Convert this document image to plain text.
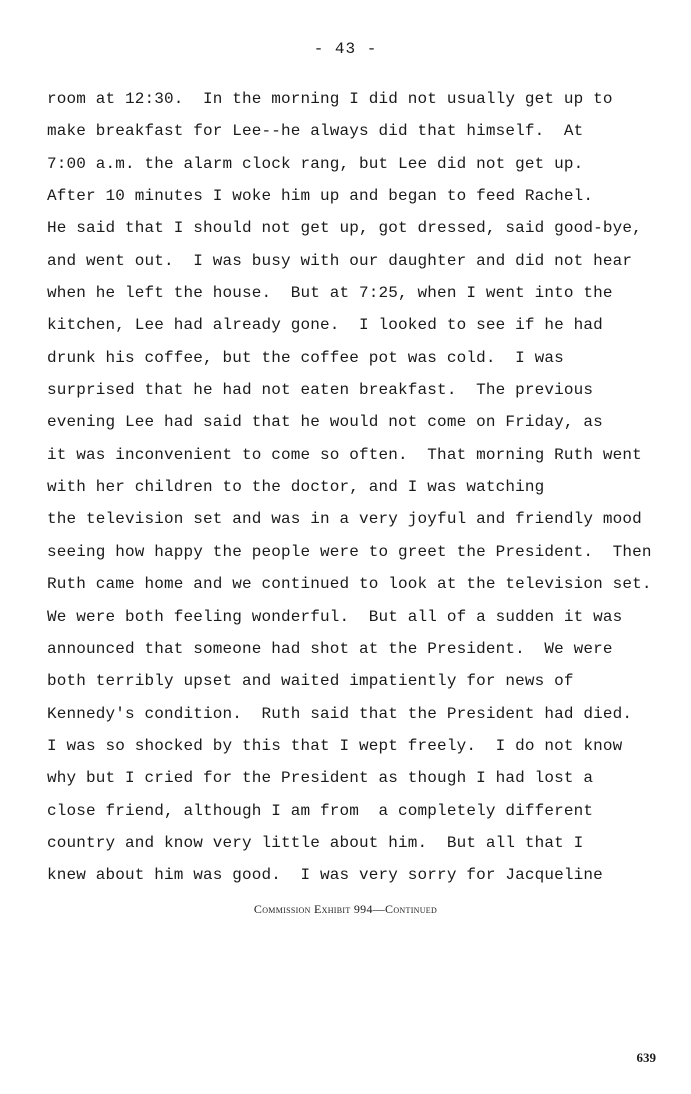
- 43 -
room at 12:30.  In the morning I did not usually get up to
make breakfast for Lee--he always did that himself.  At
7:00 a.m. the alarm clock rang, but Lee did not get up.
After 10 minutes I woke him up and began to feed Rachel.
He said that I should not get up, got dressed, said good-bye,
and went out.  I was busy with our daughter and did not hear
when he left the house.  But at 7:25, when I went into the
kitchen, Lee had already gone.  I looked to see if he had
drunk his coffee, but the coffee pot was cold.  I was
surprised that he had not eaten breakfast.  The previous
evening Lee had said that he would not come on Friday, as
it was inconvenient to come so often.  That morning Ruth went
with her children to the doctor, and I was watching
the television set and was in a very joyful and friendly mood
seeing how happy the people were to greet the President.  Then
Ruth came home and we continued to look at the television set.
We were both feeling wonderful.  But all of a sudden it was
announced that someone had shot at the President.  We were
both terribly upset and waited impatiently for news of
Kennedy's condition.  Ruth said that the President had died.
I was so shocked by this that I wept freely.  I do not know
why but I cried for the President as though I had lost a
close friend, although I am from  a completely different
country and know very little about him.  But all that I
knew about him was good.  I was very sorry for Jacqueline
Commission Exhibit 994—Continued
639
